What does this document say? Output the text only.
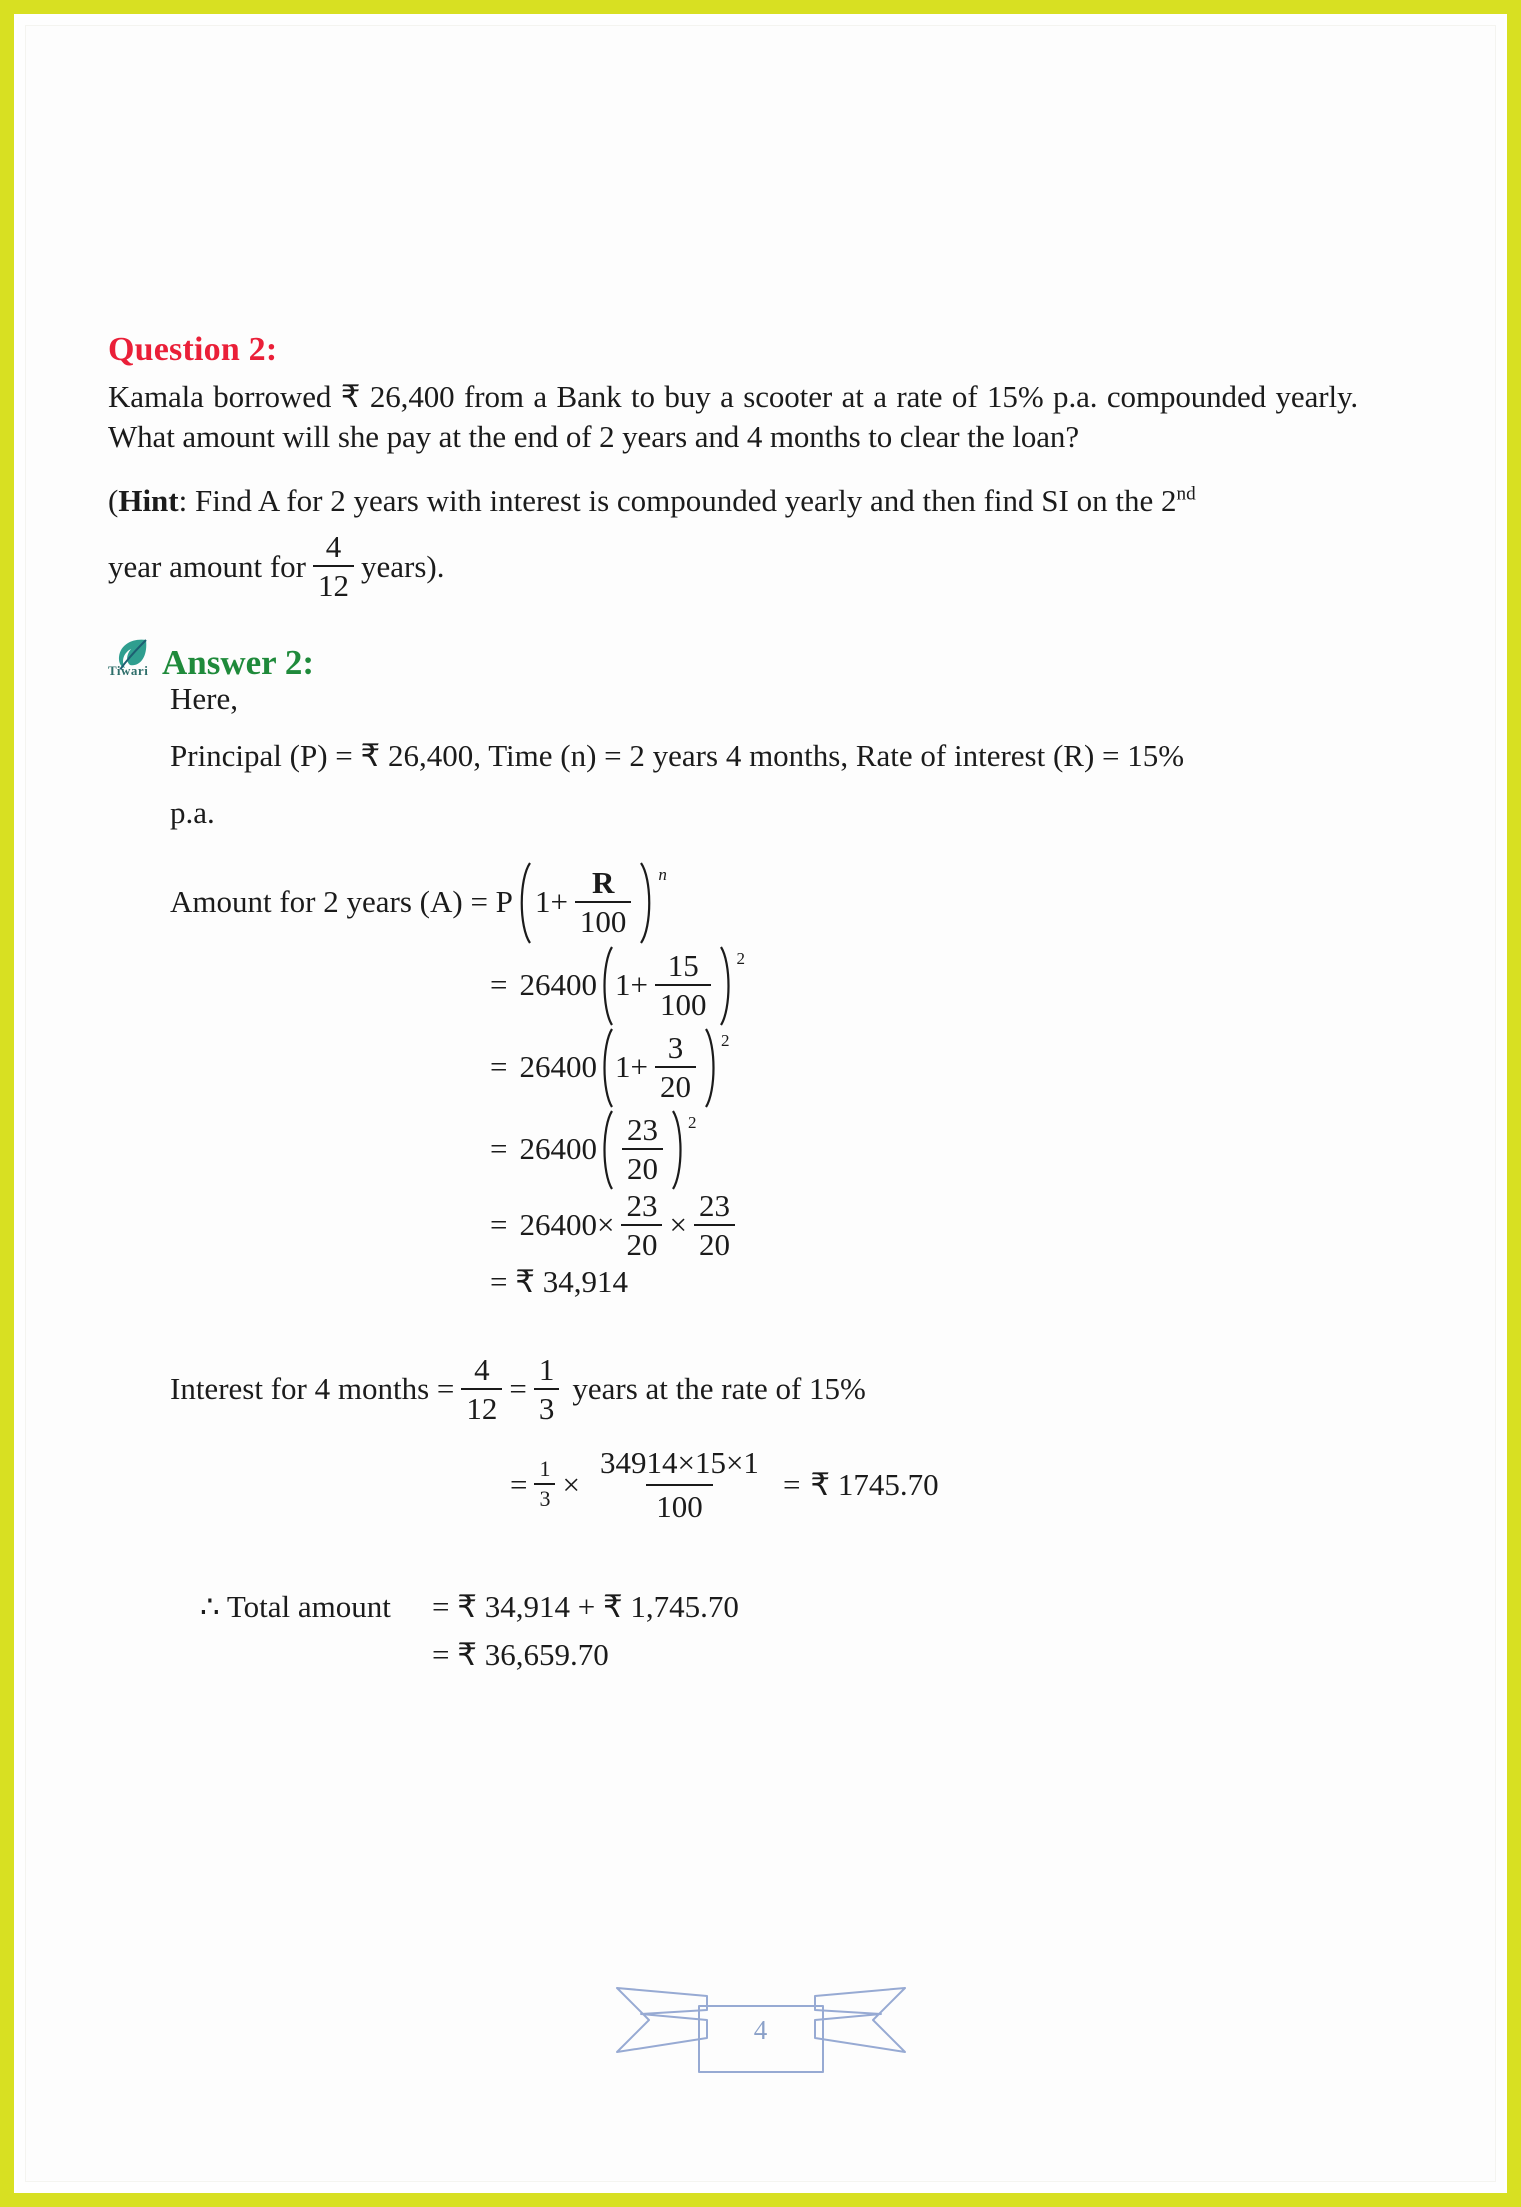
Question 2:

Kamala borrowed ₹ 26,400 from a Bank to buy a scooter at a rate of 15% p.a. compounded yearly. What amount will she pay at the end of 2 years and 4 months to clear the loan?

(Hint: Find A for 2 years with interest is compounded yearly and then find SI on the 2nd
year amount for $\frac{4}{12}$ years).
Tiwari Answer 2:

Here,

Principal (P) = ₹ 26,400, Time (n) = 2 years 4 months, Rate of interest (R) = 15%

p.a.

Amount for 2 years (A) = P $1+ \frac{R}{100}$ n
= 26400 $1+ \frac{15}{100} 2$
= 26400 $1+ \frac{3}{20} 2$
= $26400 \frac{23}{20} 2$
= $26400 \times \frac{23}{20} \times \frac{23}{20}$
= ₹ 34,914
Interest for 4 months = $\frac{4}{12} = \frac{1}{3}$ years at the rate of 15%
= $\frac{1}{3} \times \frac{34914\times 15\times 1}{100}$ = ₹ 1745.70
∴ Total amount	= ₹ 34,914 + ₹ 1,745.70
= ₹ 36,659.70
4
